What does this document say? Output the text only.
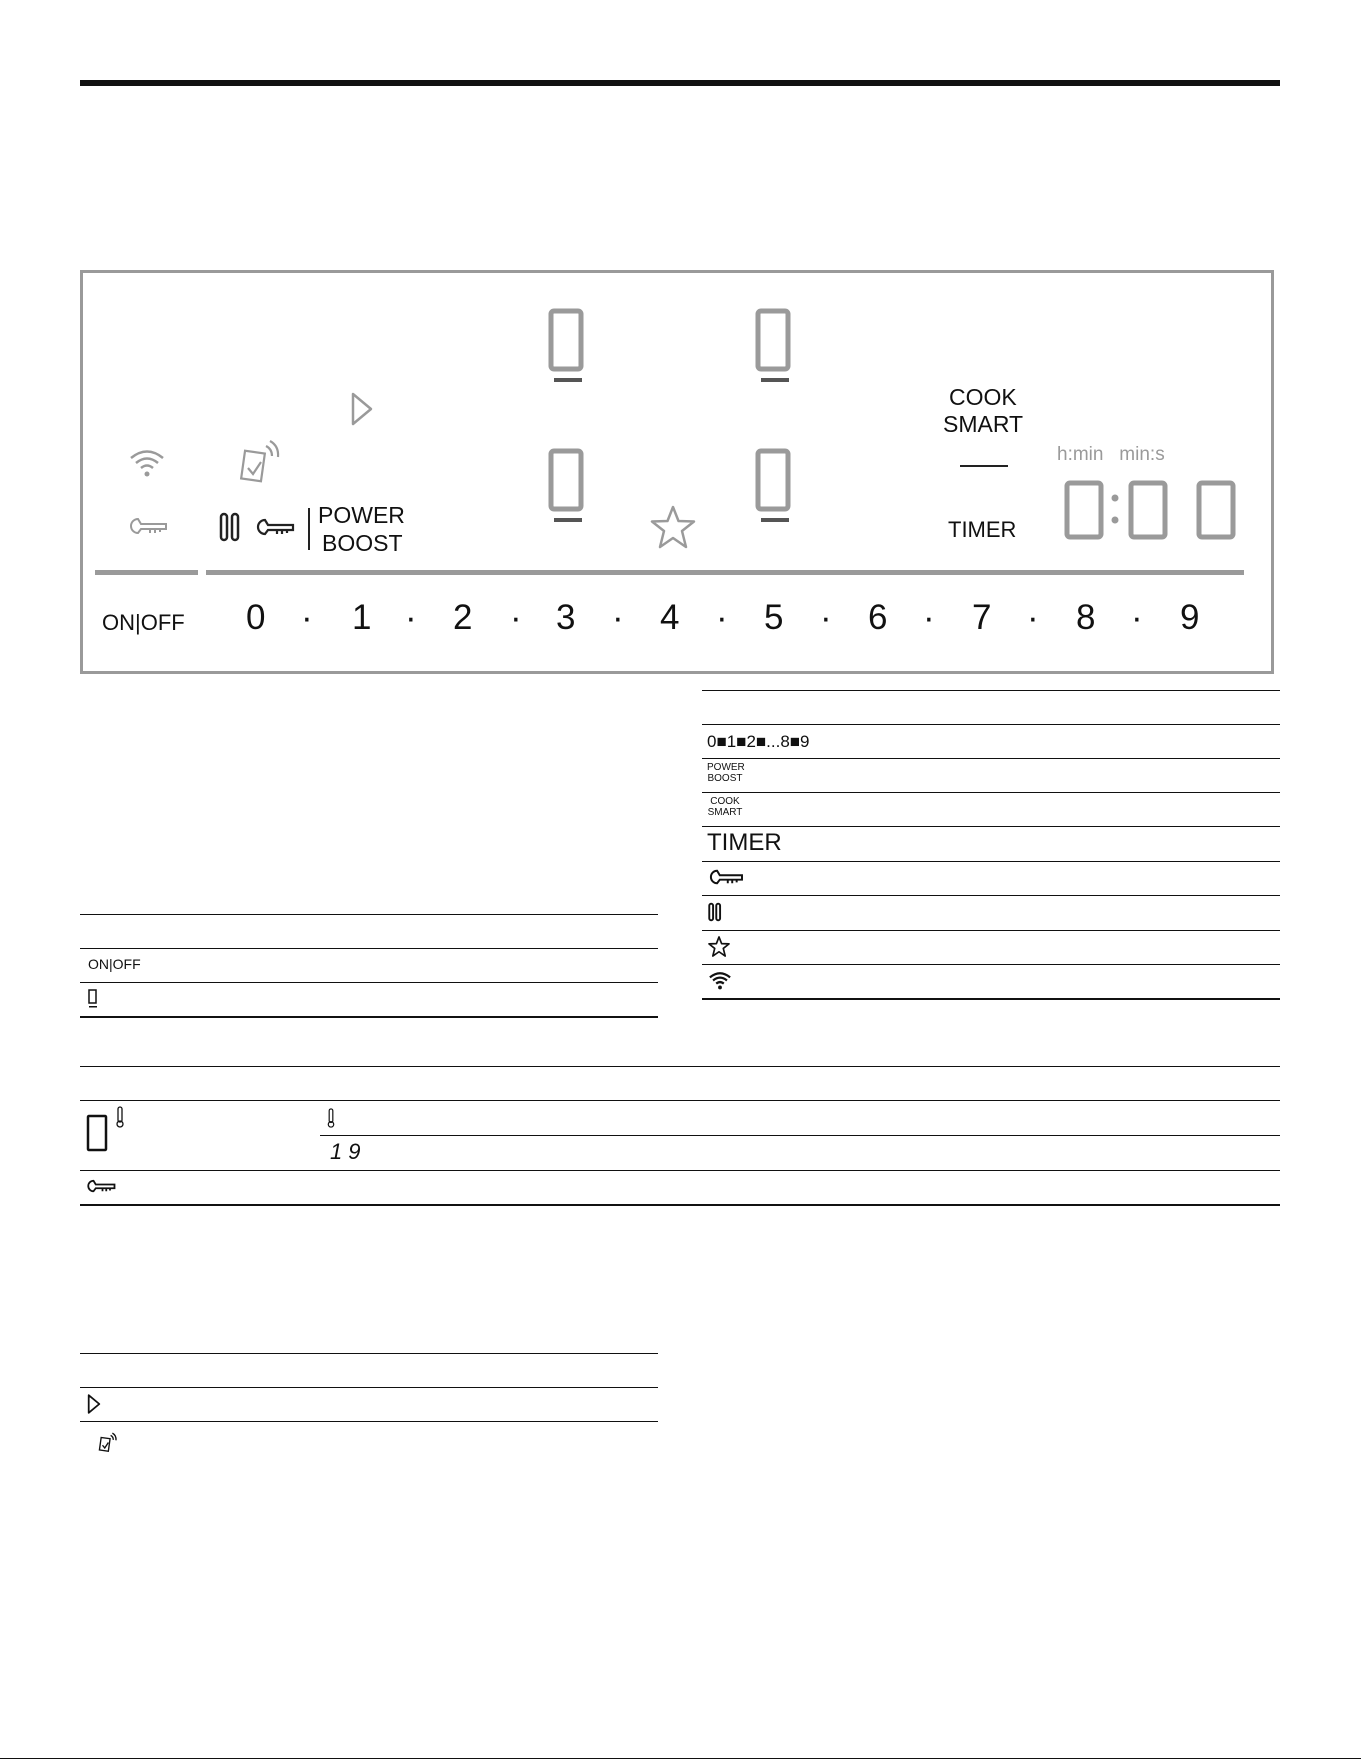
POWER
BOOST
COOK
SMART
TIMER
h:min   min:s
ON|OFF 0 · 1 · 2 · 3 · 4 · 5 · 6 · 7 · 8 · 9
0■1■2■...8■9
POWER
BOOST
COOK
SMART
TIMER
ON|OFF
19
